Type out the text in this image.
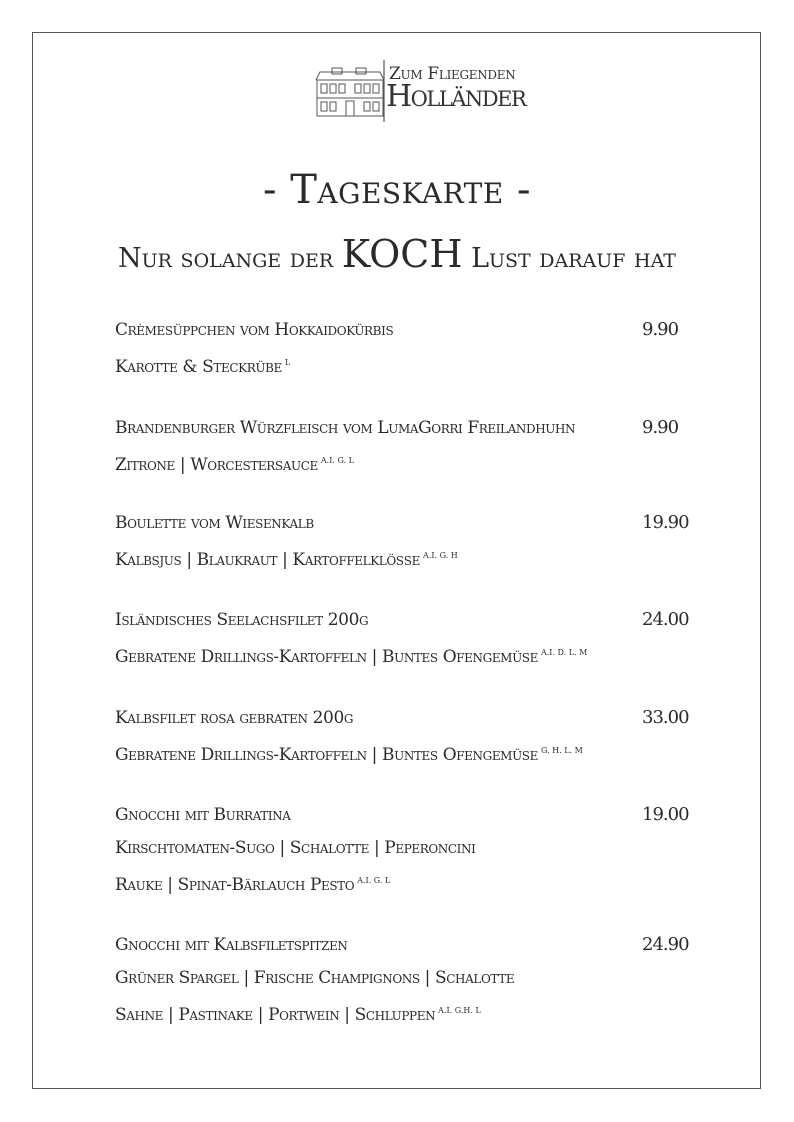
Zum Fliegenden
Holländer
- Tageskarte -
Nur solange der KOCH Lust darauf hat
Crèmesüppchen vom Hokkaidokürbis	9.90
Karotte & Steckrübe $^L$
Brandenburger Würzfleisch vom LumaGorri Freilandhuhn	9.90
Zitrone | Worcestersauce $^{A.I. G. L}$
Boulette vom Wiesenkalb	19.90
Kalbsjus | Blaukraut | Kartoffelklöße $^{A.I. G. H}$
Isländisches Seelachsfilet 200g	24.00
Gebratene Drillings-Kartoffeln | Buntes Ofengemüse $^{A.I. D. L. M}$
Kalbsfilet rosa gebraten 200g	33.00
Gebratene Drillings-Kartoffeln | Buntes Ofengemüse $^{G. H. L. M}$
Gnocchi mit Burratina	19.00
Kirschtomaten-Sugo | Schalotte | Peperoncini
Rauke | Spinat-Bärlauch Pesto $^{A.I. G. L}$
Gnocchi mit Kalbsfiletspitzen	24.90
Grüner Spargel | Frische Champignons | Schalotte
Sahne | Pastinake | Portwein | Schluppen $^{A.I. G.H. L}$
